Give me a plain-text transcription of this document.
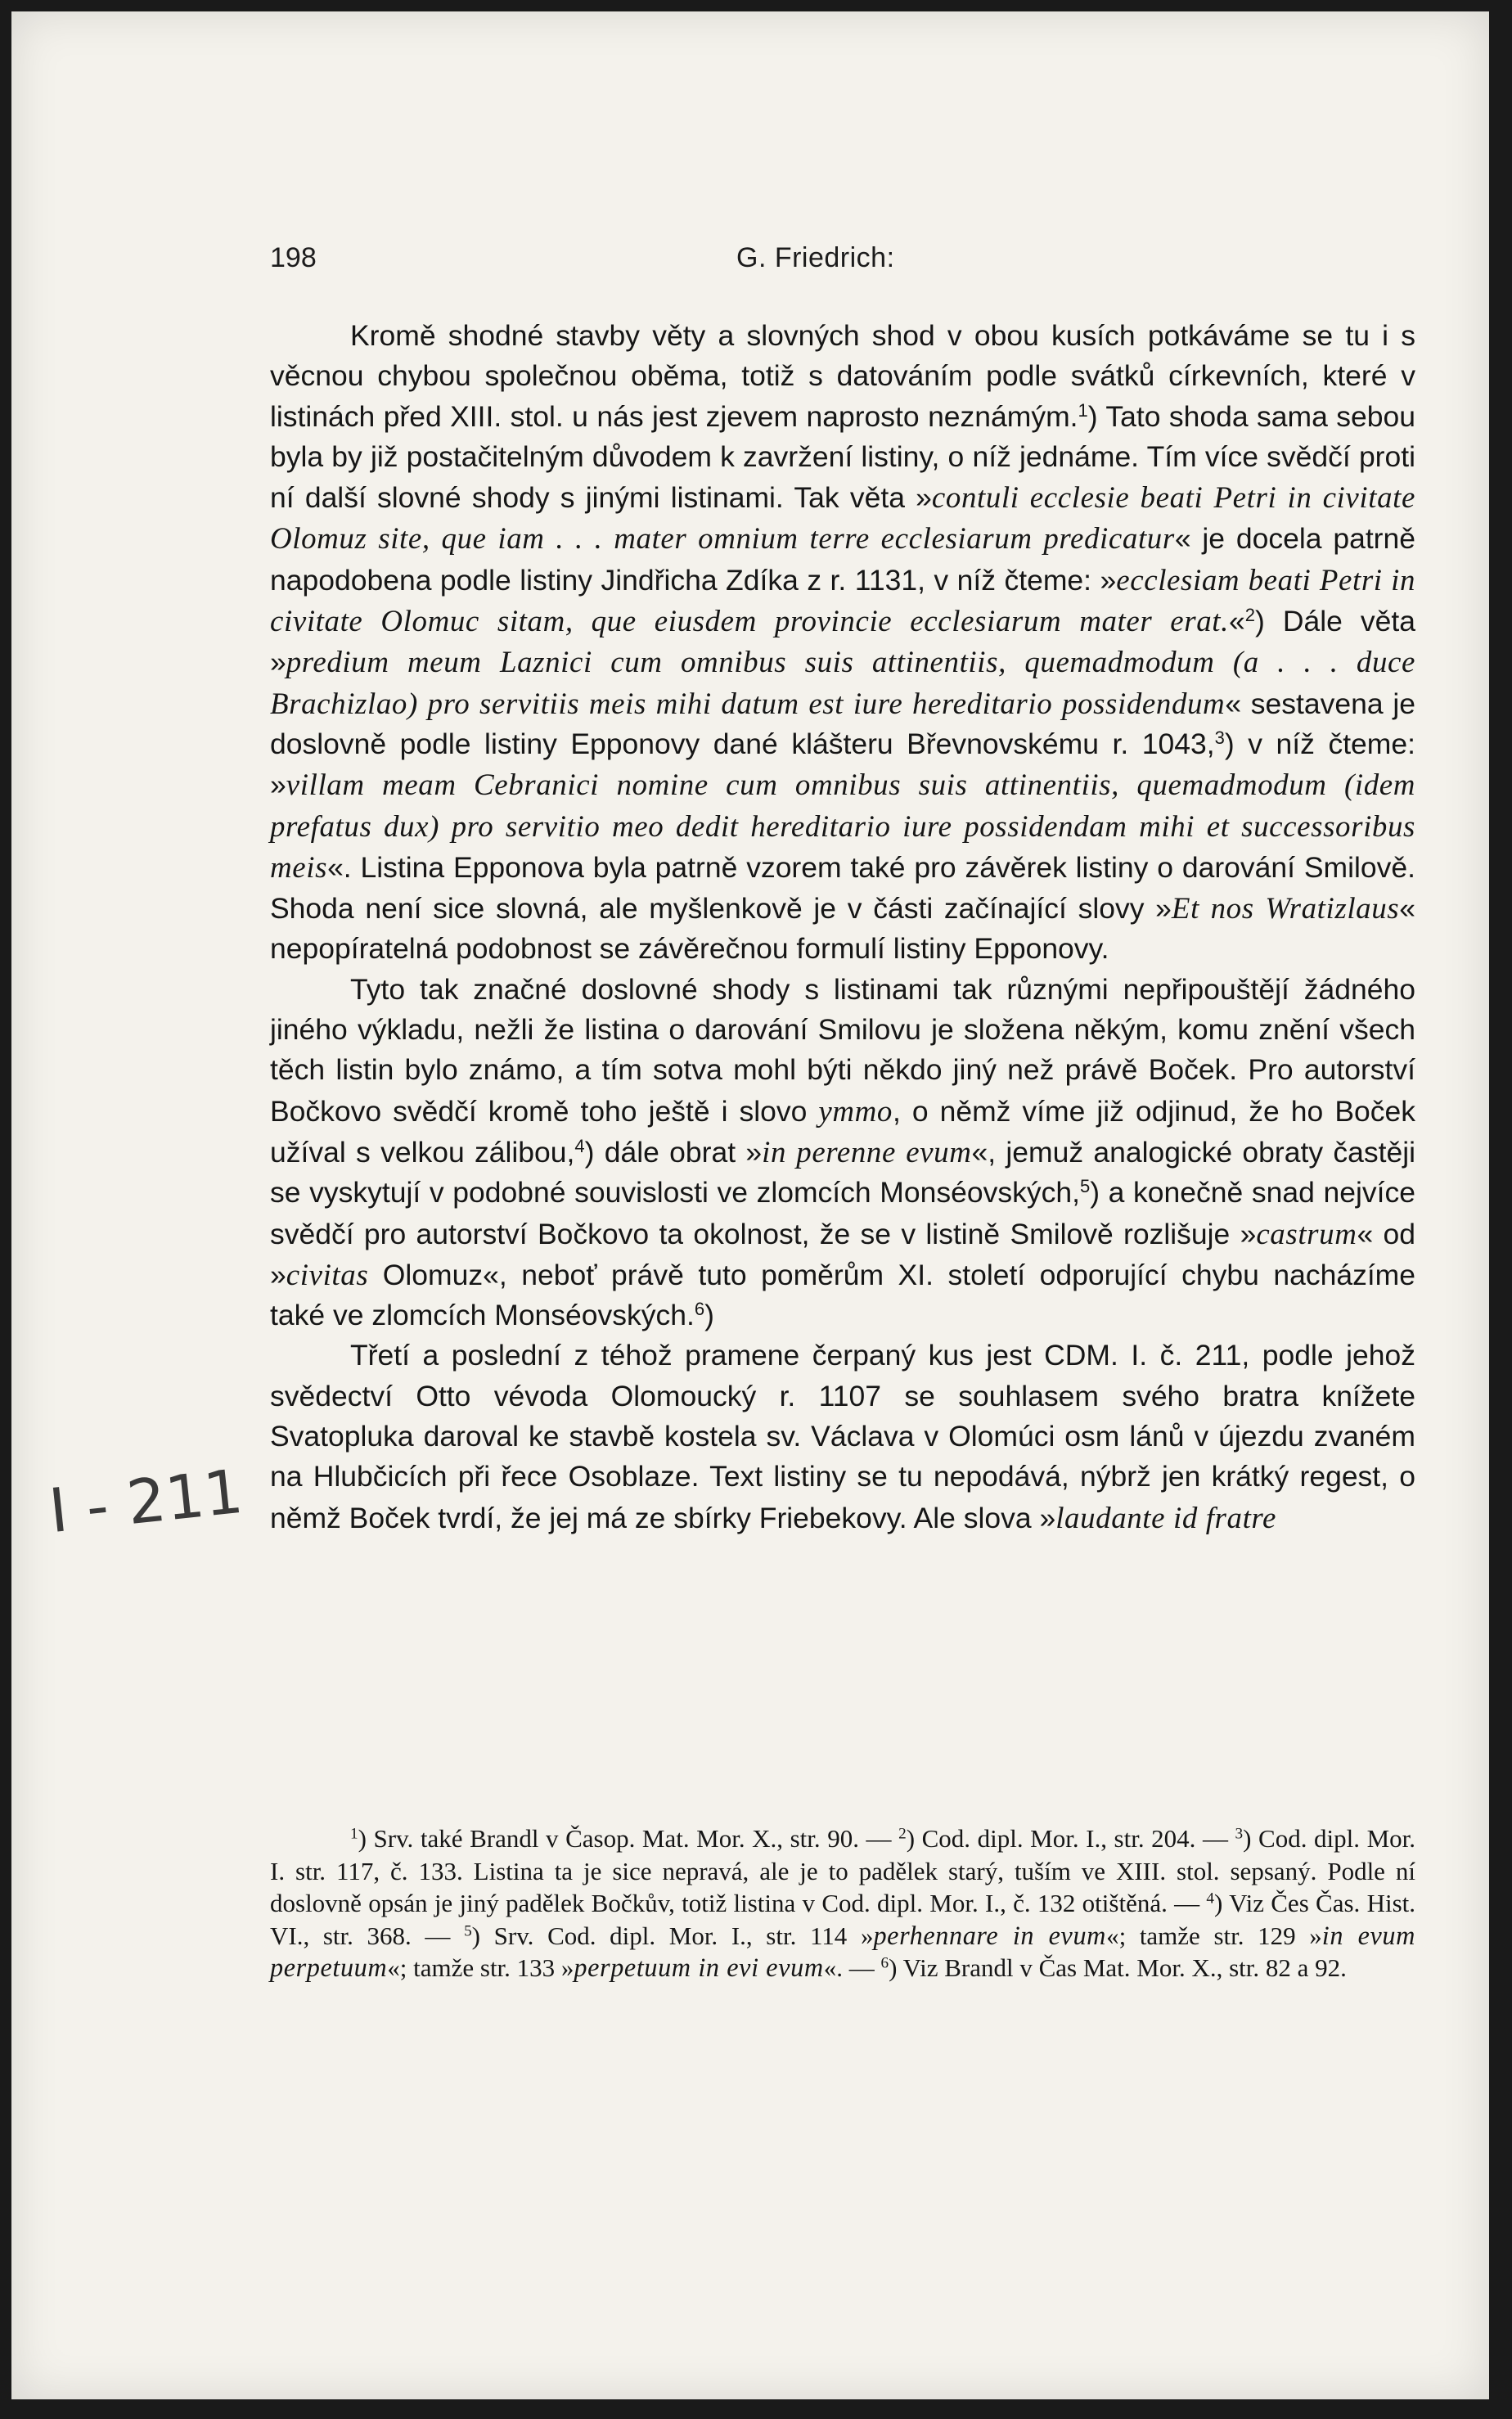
198	G. Friedrich:

Kromě shodné stavby věty a slovných shod v obou kusích potkáváme se tu i s věcnou chybou společnou oběma, totiž s datováním podle svátků církevních, které v listinách před XIII. stol. u nás jest zjevem naprosto neznámým.$^1$) Tato shoda sama sebou byla by již postačitelným důvodem k zavržení listiny, o níž jednáme. Tím více svědčí proti ní další slovné shody s jinými listinami. Tak věta »contuli ecclesie beati Petri in civitate Olomuz site, que iam . . . mater omnium terre ecclesiarum predicatur« je docela patrně napodobena podle listiny Jindřicha Zdíka z r. 1131, v níž čteme: »ecclesiam beati Petri in civitate Olomuc sitam, que eiusdem provincie ecclesiarum mater erat.«$^2$) Dále věta »predium meum Laznici cum omnibus suis attinentiis, quemadmodum (a . . . duce Brachizlao) pro servitiis meis mihi datum est iure hereditario possidendum« sestavena je doslovně podle listiny Epponovy dané klášteru Břevnovskému r. 1043,$^3$) v níž čteme: »villam meam Cebranici nomine cum omnibus suis attinentiis, quemadmodum (idem prefatus dux) pro servitio meo dedit hereditario iure possidendam mihi et successoribus meis«. Listina Epponova byla patrně vzorem také pro závěrek listiny o darování Smilově. Shoda není sice slovná, ale myšlenkově je v části začínající slovy »Et nos Wratizlaus« nepopíratelná podobnost se závěrečnou formulí listiny Epponovy.

Tyto tak značné doslovné shody s listinami tak různými nepřipouštějí žádného jiného výkladu, nežli že listina o darování Smilovu je složena někým, komu znění všech těch listin bylo známo, a tím sotva mohl býti někdo jiný než právě Boček. Pro autorství Bočkovo svědčí kromě toho ještě i slovo ymmo, o němž víme již odjinud, že ho Boček užíval s velkou zálibou,$^4$) dále obrat »in perenne evum«, jemuž analogické obraty častěji se vyskytují v podobné souvislosti ve zlomcích Monséovských,$^5$) a konečně snad nejvíce svědčí pro autorství Bočkovo ta okolnost, že se v listině Smilově rozlišuje »castrum« od »civitas Olomuz«, neboť právě tuto poměrům XI. století odporující chybu nacházíme také ve zlomcích Monséovských.$^6$)

Třetí a poslední z téhož pramene čerpaný kus jest CDM. I. č. 211, podle jehož svědectví Otto vévoda Olomoucký r. 1107 se souhlasem svého bratra knížete Svatopluka daroval ke stavbě kostela sv. Václava v Olomúci osm lánů v újezdu zvaném na Hlubčicích při řece Osoblaze. Text listiny se tu nepodává, nýbrž jen krátký regest, o němž Boček tvrdí, že jej má ze sbírky Friebekovy. Ale slova »laudante id fratre

$^1$) Srv. také Brandl v Časop. Mat. Mor. X., str. 90. — $^2$) Cod. dipl. Mor. I., str. 204. — $^3$) Cod. dipl. Mor. I. str. 117, č. 133. Listina ta je sice nepravá, ale je to padělek starý, tuším ve XIII. stol. sepsaný. Podle ní doslovně opsán je jiný padělek Bočkův, totiž listina v Cod. dipl. Mor. I., č. 132 otištěná. — $^4$) Viz Čes Čas. Hist. VI., str. 368. — $^5$) Srv. Cod. dipl. Mor. I., str. 114 »perhennare in evum«; tamže str. 129 »in evum perpetuum«; tamže str. 133 »perpetuum in evi evum«. — $^6$) Viz Brandl v Čas Mat. Mor. X., str. 82 a 92.

I - 211
